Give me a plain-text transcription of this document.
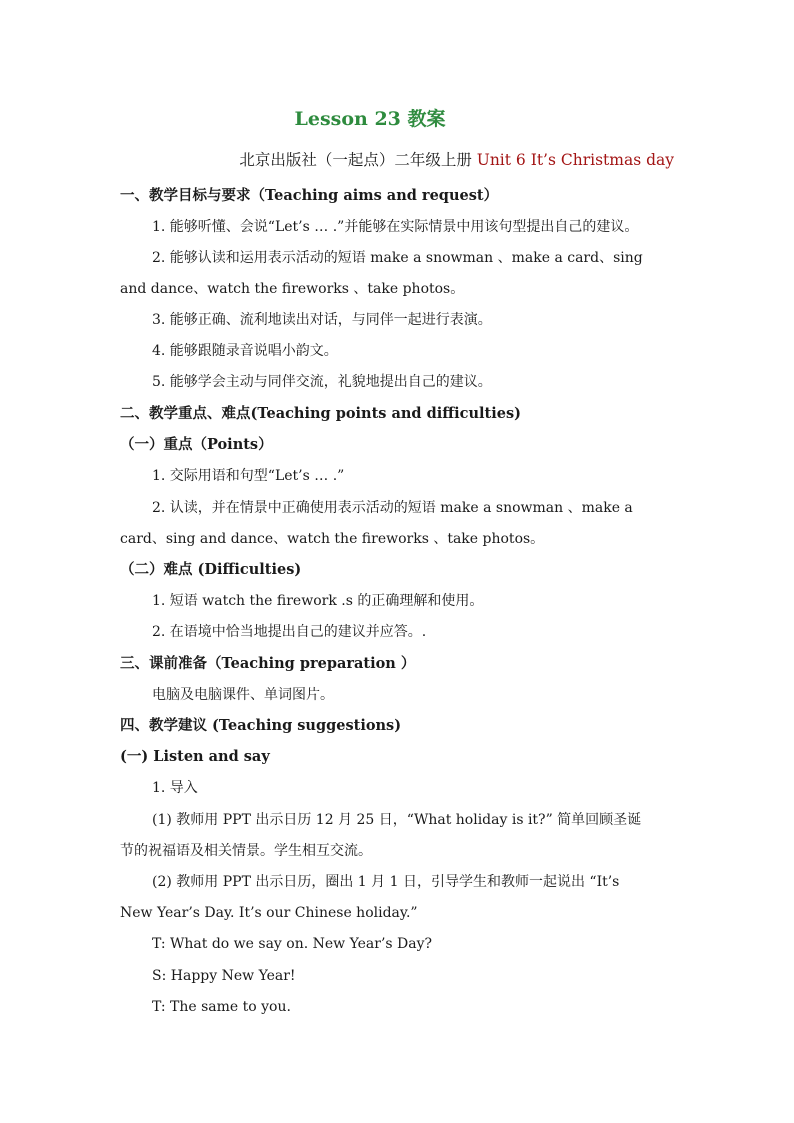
Lesson 23 教案
北京出版社（一起点）二年级上册 Unit 6 It’s Christmas day
一、教学目标与要求（Teaching aims and request）
1. 能够听懂、会说“Let’s … .”并能够在实际情景中用该句型提出自己的建议。
2. 能够认读和运用表示活动的短语 make a snowman 、make a card、sing
and dance、watch the fireworks 、take photos。
3. 能够正确、流利地读出对话，与同伴一起进行表演。
4. 能够跟随录音说唱小韵文。
5. 能够学会主动与同伴交流，礼貌地提出自己的建议。
二、教学重点、难点(Teaching points and difficulties)
（一）重点（Points）
1. 交际用语和句型“Let’s … .”
2. 认读，并在情景中正确使用表示活动的短语 make a snowman 、make a
card、sing and dance、watch the fireworks 、take photos。
（二）难点 (Difficulties)
1. 短语 watch the firework .s 的正确理解和使用。
2. 在语境中恰当地提出自己的建议并应答。.
三、课前准备（Teaching preparation ）
电脑及电脑课件、单词图片。
四、教学建议 (Teaching suggestions)
(一) Listen and say
1. 导入
(1) 教师用 PPT 出示日历 12 月 25 日，“What holiday is it?” 简单回顾圣诞
节的祝福语及相关情景。学生相互交流。
(2) 教师用 PPT 出示日历，圈出 1 月 1 日，引导学生和教师一起说出 “It’s
New Year’s Day. It’s our Chinese holiday.”
T: What do we say on. New Year’s Day?
S: Happy New Year!
T: The same to you.
